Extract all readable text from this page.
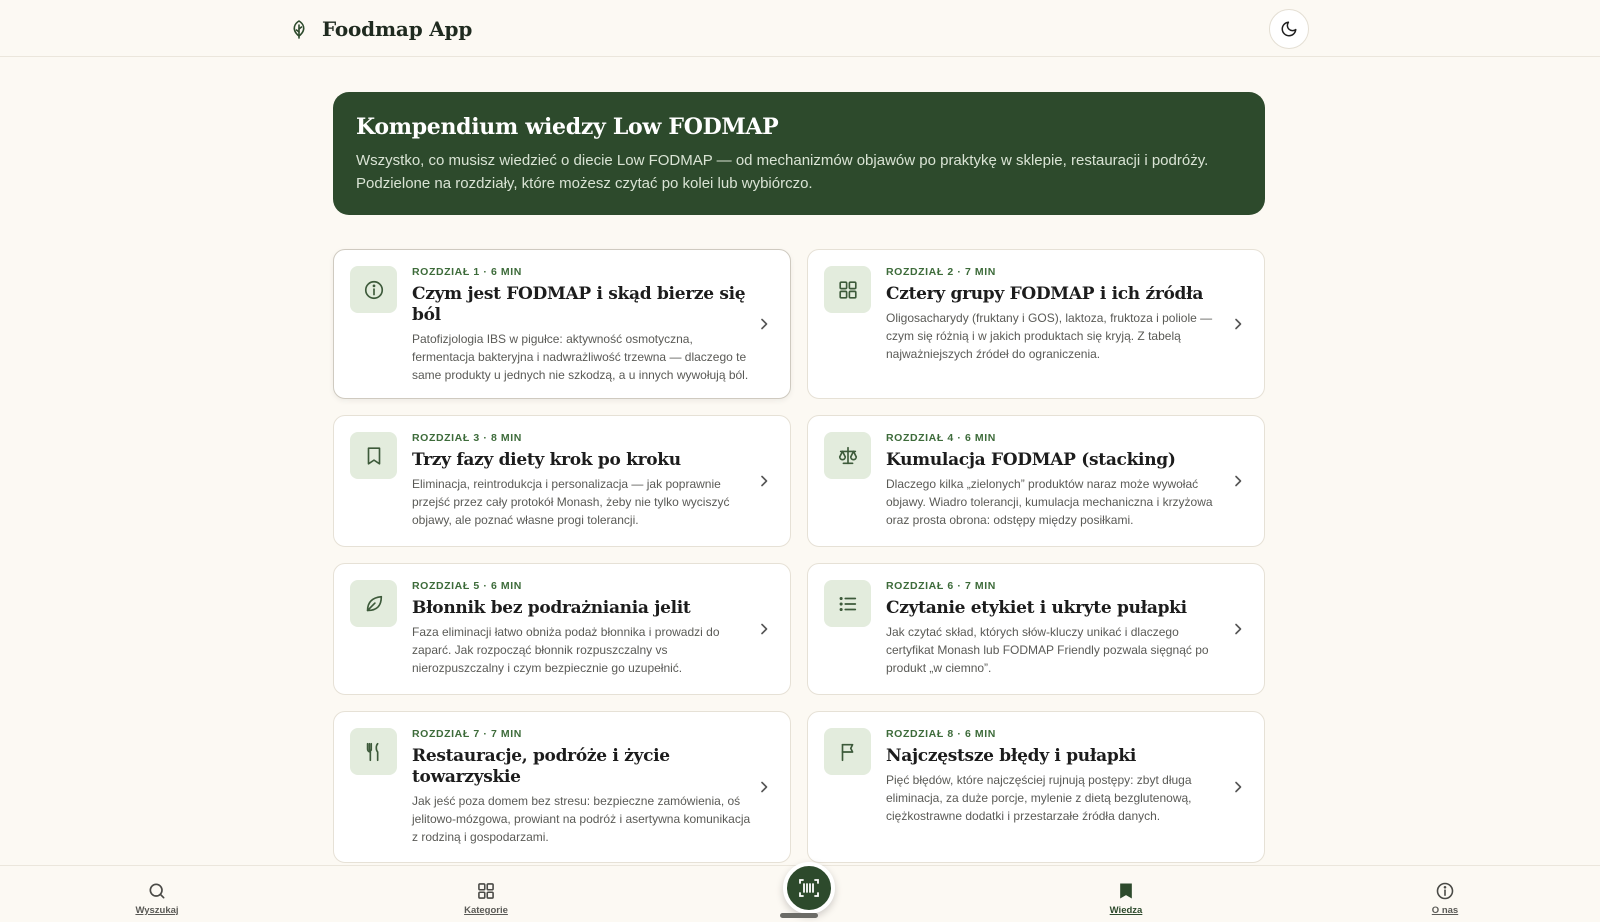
Foodmap App
Kompendium wiedzy Low FODMAP
Wszystko, co musisz wiedzieć o diecie Low FODMAP — od mechanizmów objawów po praktykę w sklepie, restauracji i podróży. Podzielone na rozdziały, które możesz czytać po kolei lub wybiórczo.
ROZDZIAŁ 1 · 6 MIN
Czym jest FODMAP i skąd bierze się ból
Patofizjologia IBS w pigułce: aktywność osmotyczna, fermentacja bakteryjna i nadwrażliwość trzewna — dlaczego te same produkty u jednych nie szkodzą, a u innych wywołują ból.
ROZDZIAŁ 2 · 7 MIN
Cztery grupy FODMAP i ich źródła
Oligosacharydy (fruktany i GOS), laktoza, fruktoza i poliole — czym się różnią i w jakich produktach się kryją. Z tabelą najważniejszych źródeł do ograniczenia.
ROZDZIAŁ 3 · 8 MIN
Trzy fazy diety krok po kroku
Eliminacja, reintrodukcja i personalizacja — jak poprawnie przejść przez cały protokół Monash, żeby nie tylko wyciszyć objawy, ale poznać własne progi tolerancji.
ROZDZIAŁ 4 · 6 MIN
Kumulacja FODMAP (stacking)
Dlaczego kilka „zielonych” produktów naraz może wywołać objawy. Wiadro tolerancji, kumulacja mechaniczna i krzyżowa oraz prosta obrona: odstępy między posiłkami.
ROZDZIAŁ 5 · 6 MIN
Błonnik bez podrażniania jelit
Faza eliminacji łatwo obniża podaż błonnika i prowadzi do zaparć. Jak rozpocząć błonnik rozpuszczalny vs nierozpuszczalny i czym bezpiecznie go uzupełnić.
ROZDZIAŁ 6 · 7 MIN
Czytanie etykiet i ukryte pułapki
Jak czytać skład, których słów-kluczy unikać i dlaczego certyfikat Monash lub FODMAP Friendly pozwala sięgnąć po produkt „w ciemno”.
ROZDZIAŁ 7 · 7 MIN
Restauracje, podróże i życie towarzyskie
Jak jeść poza domem bez stresu: bezpieczne zamówienia, oś jelitowo-mózgowa, prowiant na podróż i asertywna komunikacja z rodziną i gospodarzami.
ROZDZIAŁ 8 · 6 MIN
Najczęstsze błędy i pułapki
Pięć błędów, które najczęściej rujnują postępy: zbyt długa eliminacja, za duże porcje, mylenie z dietą bezglutenową, ciężkostrawne dodatki i przestarzałe źródła danych.
Wyszukaj	Kategorie	Wiedza	O nas
